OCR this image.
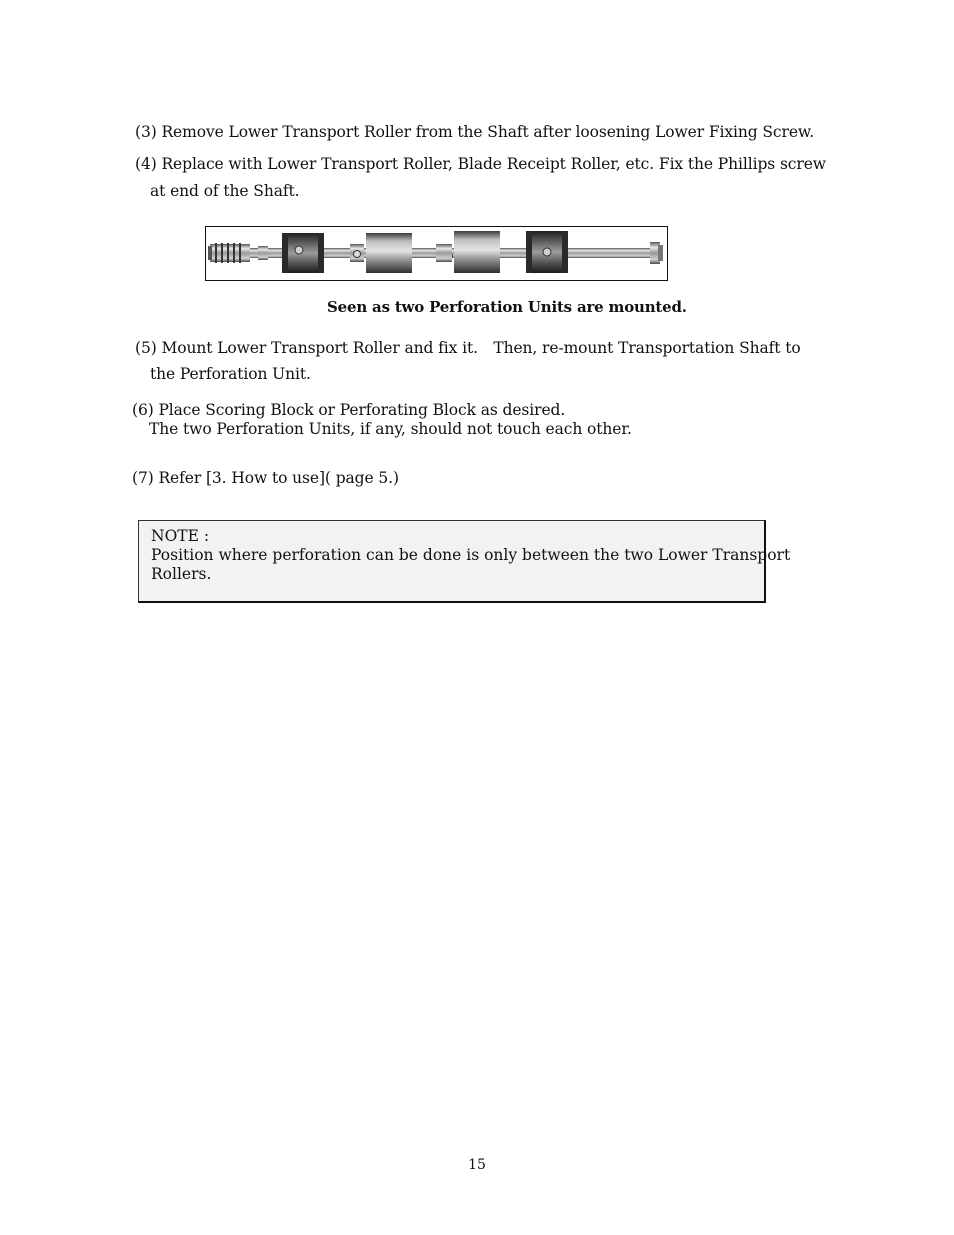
(3) Remove Lower Transport Roller from the Shaft after loosening Lower Fixing Screw.
(4) Replace with Lower Transport Roller, Blade Receipt Roller, etc. Fix the Phillips screw
at end of the Shaft.
Seen as two Perforation Units are mounted.
(5) Mount Lower Transport Roller and fix it.　Then, re-mount Transportation Shaft to
the Perforation Unit.
(6) Place Scoring Block or Perforating Block as desired.
The two Perforation Units, if any, should not touch each other.
(7) Refer [3. How to use]( page 5.)
NOTE :
Position where perforation can be done is only between the two Lower Transport
Rollers.
15
